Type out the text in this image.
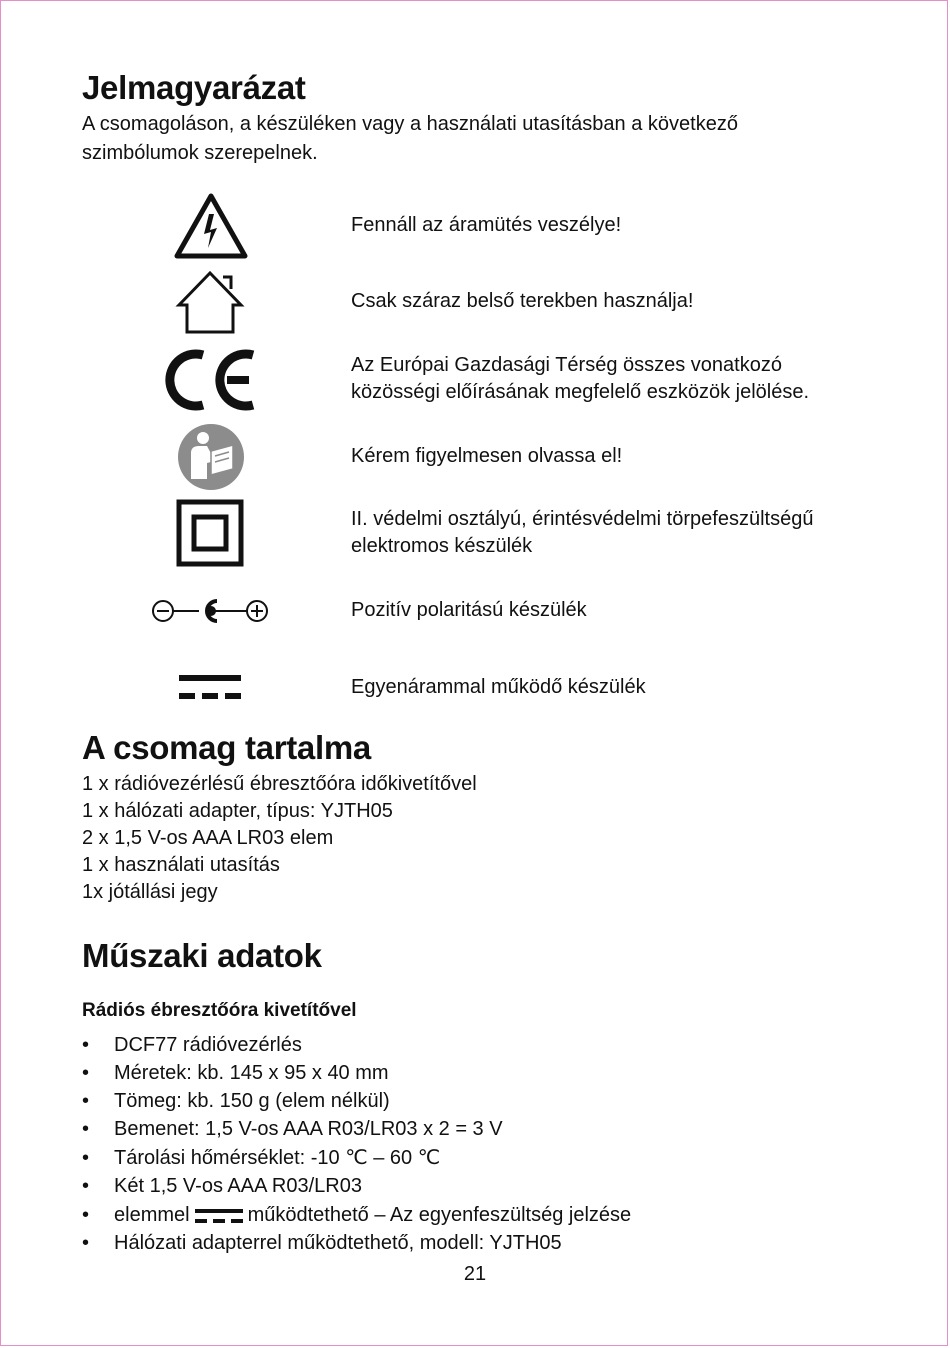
Jelmagyarázat
A csomagoláson, a készüléken vagy a használati utasításban a következő
szimbólumok szerepelnek.
Fennáll az áramütés veszélye!
Csak száraz belső terekben használja!
Az Európai Gazdasági Térség összes vonatkozó
közösségi előírásának megfelelő eszközök jelölése.
Kérem figyelmesen olvassa el!
II. védelmi osztályú, érintésvédelmi törpefeszültségű
elektromos készülék
Pozitív polaritású készülék
Egyenárammal működő készülék
A csomag tartalma
1 x rádióvezérlésű ébresztőóra időkivetítővel
1 x hálózati adapter, típus: YJTH05
2 x 1,5 V-os AAA LR03 elem
1 x használati utasítás
1x jótállási jegy
Műszaki adatok
Rádiós ébresztőóra kivetítővel
• DCF77 rádióvezérlés
• Méretek: kb. 145 x 95 x 40 mm
• Tömeg: kb. 150 g (elem nélkül)
• Bemenet: 1,5 V-os AAA R03/LR03 x 2 = 3 V
• Tárolási hőmérséklet: -10 ℃ – 60 ℃
• Két 1,5 V-os AAA R03/LR03
• elemmel	működtethető – Az egyenfeszültség jelzése
• Hálózati adapterrel működtethető, modell: YJTH05
21
